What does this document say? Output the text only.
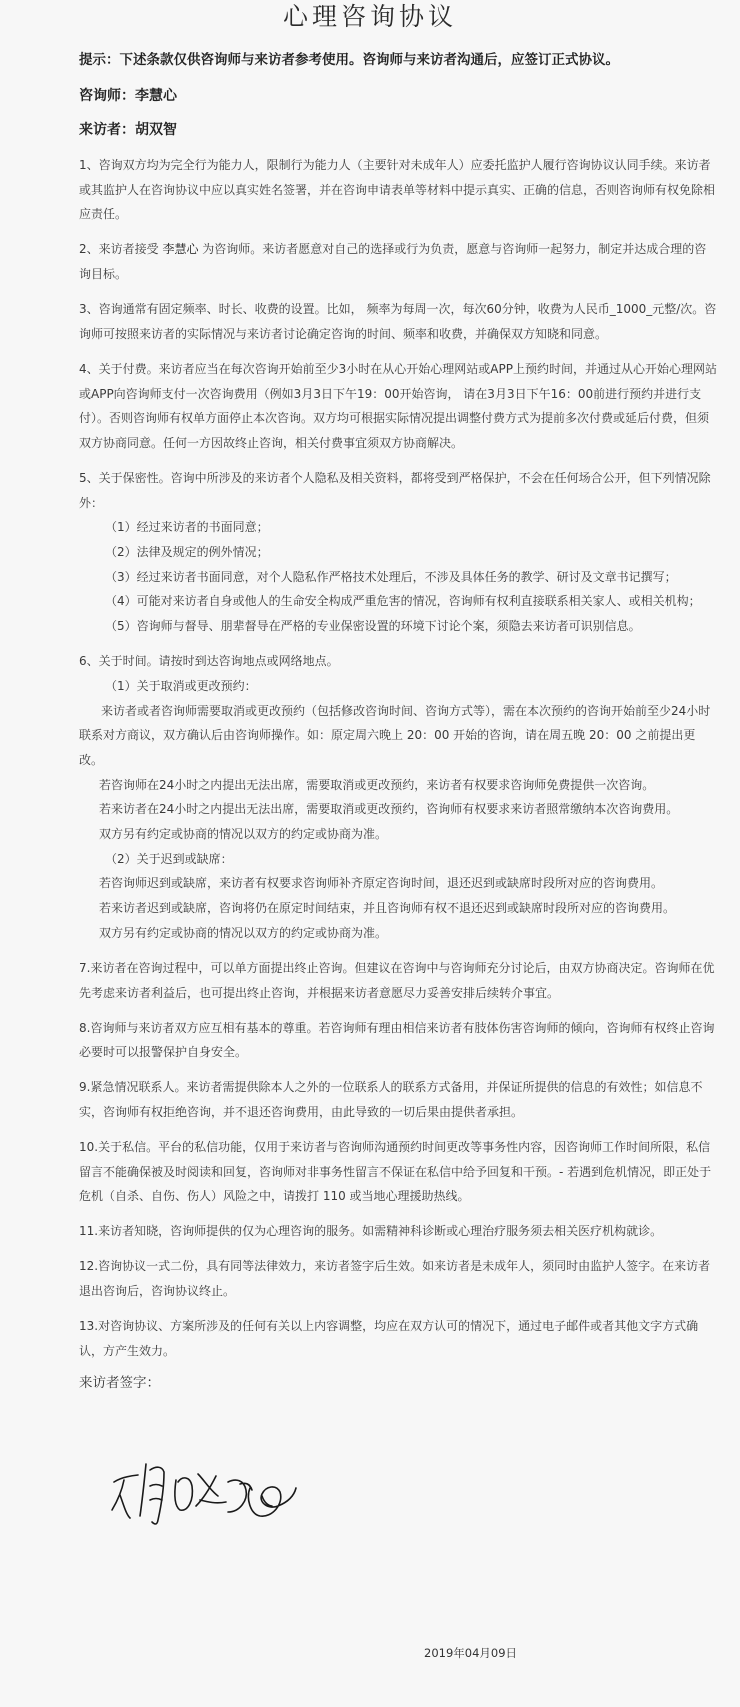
心理咨询协议
提示：下述条款仅供咨询师与来访者参考使用。咨询师与来访者沟通后，应签订正式协议。
咨询师：李慧心
来访者：胡双智

1、咨询双方均为完全行为能力人，限制行为能力人（主要针对未成年人）应委托监护人履行咨询协议认同手续。来访者或其监护人在咨询协议中应以真实姓名签署，并在咨询申请表单等材料中提示真实、正确的信息，否则咨询师有权免除相应责任。

2、来访者接受 李慧心 为咨询师。来访者愿意对自己的选择或行为负责，愿意与咨询师一起努力，制定并达成合理的咨询目标。

3、咨询通常有固定频率、时长、收费的设置。比如， 频率为每周一次，每次60分钟，收费为人民币_1000_元整/次。咨询师可按照来访者的实际情况与来访者讨论确定咨询的时间、频率和收费，并确保双方知晓和同意。

4、关于付费。来访者应当在每次咨询开始前至少3小时在从心开始心理网站或APP上预约时间，并通过从心开始心理网站或APP向咨询师支付一次咨询费用（例如3月3日下午19：00开始咨询， 请在3月3日下午16：00前进行预约并进行支付）。否则咨询师有权单方面停止本次咨询。双方均可根据实际情况提出调整付费方式为提前多次付费或延后付费，但须双方协商同意。任何一方因故终止咨询，相关付费事宜须双方协商解决。

5、关于保密性。咨询中所涉及的来访者个人隐私及相关资料，都将受到严格保护，不会在任何场合公开，但下列情况除外：

（1）经过来访者的书面同意；

（2）法律及规定的例外情况；

（3）经过来访者书面同意，对个人隐私作严格技术处理后，不涉及具体任务的教学、研讨及文章书记撰写；

（4）可能对来访者自身或他人的生命安全构成严重危害的情况，咨询师有权利直接联系相关家人、或相关机构；

（5）咨询师与督导、朋辈督导在严格的专业保密设置的环境下讨论个案，须隐去来访者可识别信息。

6、关于时间。请按时到达咨询地点或网络地点。

（1）关于取消或更改预约：

来访者或者咨询师需要取消或更改预约（包括修改咨询时间、咨询方式等），需在本次预约的咨询开始前至少24小时联系对方商议，双方确认后由咨询师操作。如：原定周六晚上 20：00 开始的咨询，请在周五晚 20：00 之前提出更改。

若咨询师在24小时之内提出无法出席，需要取消或更改预约，来访者有权要求咨询师免费提供一次咨询。

若来访者在24小时之内提出无法出席，需要取消或更改预约，咨询师有权要求来访者照常缴纳本次咨询费用。

双方另有约定或协商的情况以双方的约定或协商为准。

（2）关于迟到或缺席：

若咨询师迟到或缺席，来访者有权要求咨询师补齐原定咨询时间，退还迟到或缺席时段所对应的咨询费用。

若来访者迟到或缺席，咨询将仍在原定时间结束，并且咨询师有权不退还迟到或缺席时段所对应的咨询费用。

双方另有约定或协商的情况以双方的约定或协商为准。

7.来访者在咨询过程中，可以单方面提出终止咨询。但建议在咨询中与咨询师充分讨论后，由双方协商决定。咨询师在优先考虑来访者利益后，也可提出终止咨询，并根据来访者意愿尽力妥善安排后续转介事宜。

8.咨询师与来访者双方应互相有基本的尊重。若咨询师有理由相信来访者有肢体伤害咨询师的倾向，咨询师有权终止咨询必要时可以报警保护自身安全。

9.紧急情况联系人。来访者需提供除本人之外的一位联系人的联系方式备用，并保证所提供的信息的有效性；如信息不实，咨询师有权拒绝咨询，并不退还咨询费用，由此导致的一切后果由提供者承担。

10.关于私信。平台的私信功能，仅用于来访者与咨询师沟通预约时间更改等事务性内容，因咨询师工作时间所限，私信留言不能确保被及时阅读和回复，咨询师对非事务性留言不保证在私信中给予回复和干预。- 若遇到危机情况，即正处于危机（自杀、自伤、伤人）风险之中，请拨打 110 或当地心理援助热线。

11.来访者知晓，咨询师提供的仅为心理咨询的服务。如需精神科诊断或心理治疗服务须去相关医疗机构就诊。

12.咨询协议一式二份，具有同等法律效力，来访者签字后生效。如来访者是未成年人，须同时由监护人签字。在来访者退出咨询后，咨询协议终止。

13.对咨询协议、方案所涉及的任何有关以上内容调整，均应在双方认可的情况下，通过电子邮件或者其他文字方式确认，方产生效力。

来访者签字：
2019年04月09日
